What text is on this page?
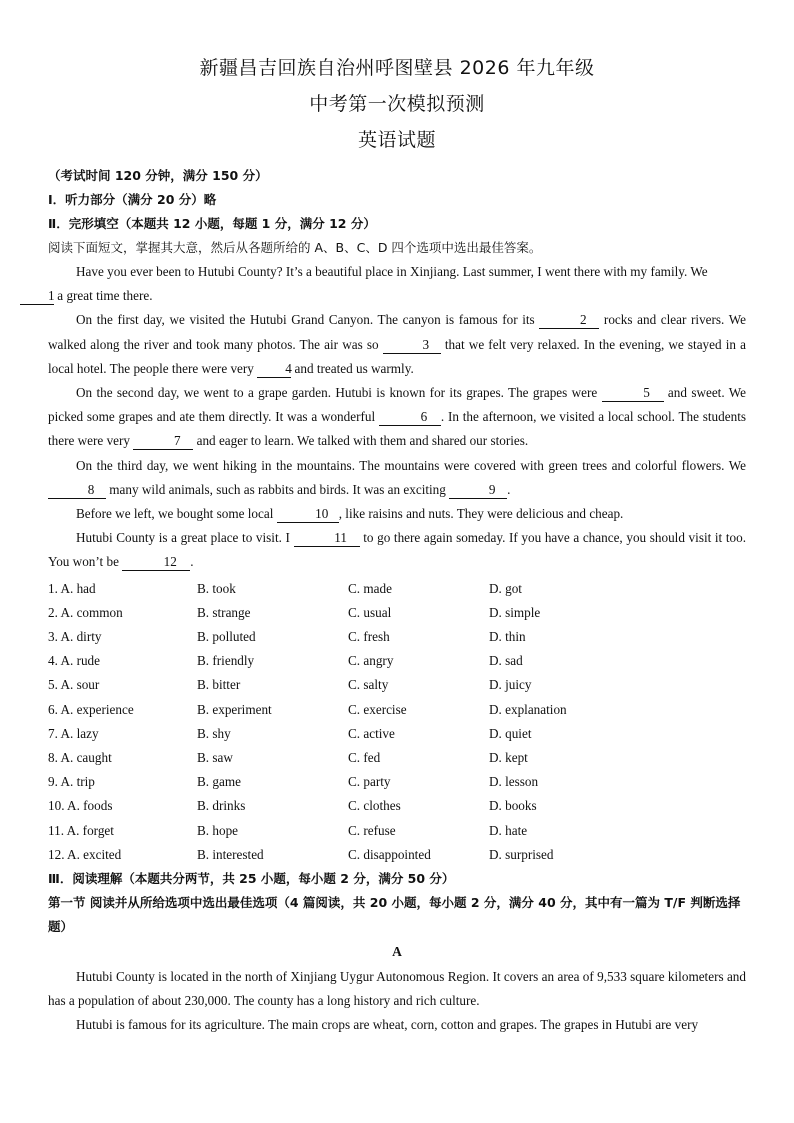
新疆昌吉回族自治州呼图壁县 2026 年九年级
中考第一次模拟预测
英语试题
（考试时间 120 分钟，满分 150 分）
Ⅰ．听力部分（满分 20 分）略
Ⅱ．完形填空（本题共 12 小题，每题 1 分，满分 12 分）
阅读下面短文，掌握其大意，然后从各题所给的 A、B、C、D 四个选项中选出最佳答案。

Have you ever been to Hutubi County? It’s a beautiful place in Xinjiang. Last summer, I went there with my family. We
1 a great time there.

On the first day, we visited the Hutubi Grand Canyon. The canyon is famous for its	2 rocks and clear rivers. We walked along the river and took many photos. The air was so	3 that we felt very relaxed. In the evening, we stayed in a local hotel. The people there were very 4 and treated us warmly.

On the second day, we went to a grape garden. Hutubi is known for its grapes. The grapes were	5 and sweet. We picked some grapes and ate them directly. It was a wonderful	6 . In the afternoon, we visited a local school. The students there were very	7 and eager to learn. We talked with them and shared our stories.

On the third day, we went hiking in the mountains. The mountains were covered with green trees and colorful flowers. We 8 many wild animals, such as rabbits and birds. It was an exciting	9 .

Before we left, we bought some local	10 , like raisins and nuts. They were delicious and cheap.

Hutubi County is a great place to visit. I	11 to go there again someday. If you have a chance, you should visit it too. You won’t be	12 .

1. A. had	B. took	C. made	D. got
2. A. common	B. strange	C. usual	D. simple
3. A. dirty	B. polluted	C. fresh	D. thin
4. A. rude	B. friendly	C. angry	D. sad
5. A. sour	B. bitter	C. salty	D. juicy
6. A. experience	B. experiment	C. exercise	D. explanation
7. A. lazy	B. shy	C. active	D. quiet
8. A. caught	B. saw	C. fed	D. kept
9. A. trip	B. game	C. party	D. lesson
10. A. foods	B. drinks	C. clothes	D. books
11. A. forget	B. hope	C. refuse	D. hate
12. A. excited	B. interested	C. disappointed	D. surprised
Ⅲ．阅读理解（本题共分两节，共 25 小题，每小题 2 分，满分 50 分）
第一节 阅读并从所给选项中选出最佳选项（4 篇阅读，共 20 小题，每小题 2 分，满分 40 分，其中有一篇为 T/F 判断选择题）
A

Hutubi County is located in the north of Xinjiang Uygur Autonomous Region. It covers an area of 9,533 square kilometers and has a population of about 230,000. The county has a long history and rich culture.

Hutubi is famous for its agriculture. The main crops are wheat, corn, cotton and grapes. The grapes in Hutubi are very
